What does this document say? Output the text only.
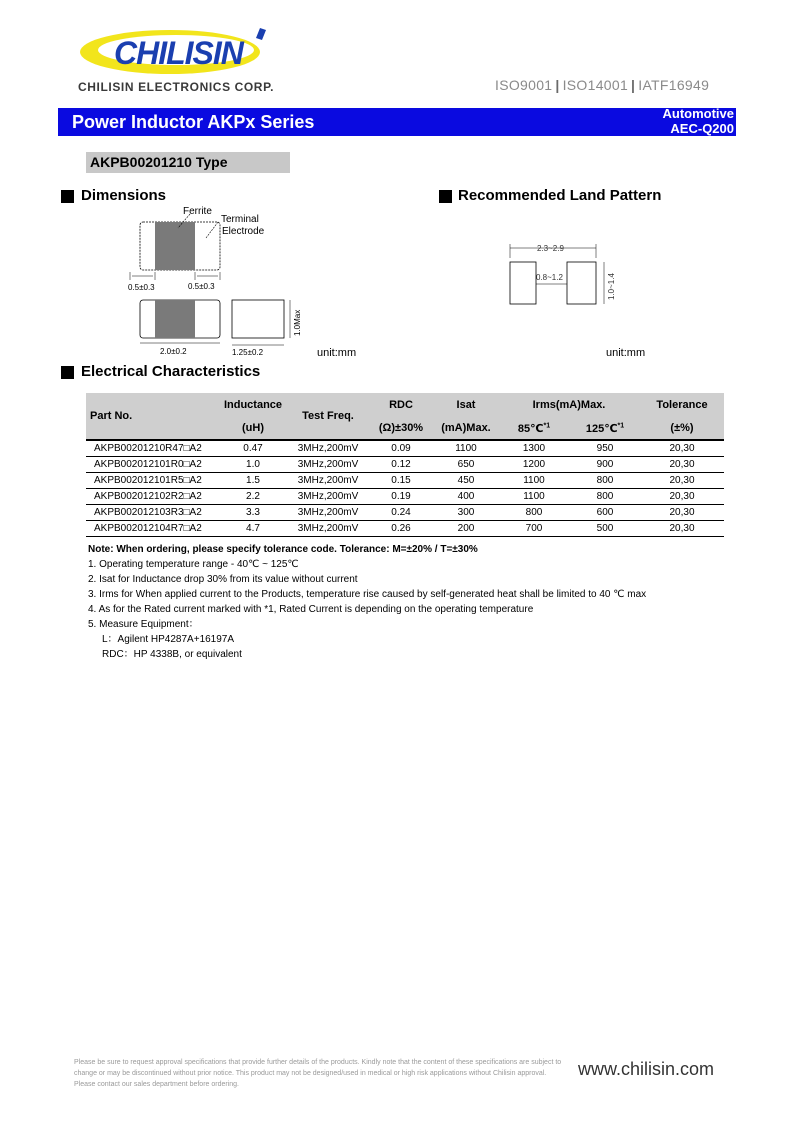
CHILISIN
CHILISIN ELECTRONICS CORP.	ISO9001 | ISO14001 | IATF16949
Power Inductor AKPx Series	Automotive
AEC-Q200
AKPB00201210 Type
Dimensions	Recommended Land Pattern
Ferrite
Terminal
Electrode
0.5±0.3	0.5±0.3
2.0±0.2	1.25±0.2
1.0Max
unit:mm
2.3~2.9
0.8~1.2	1.0~1.4
unit:mm
Electrical Characteristics
Part No.	Inductance	Test Freq.	RDC	Isat	Irms(mA)Max.		Tolerance
	(uH)		(Ω)±30%	(mA)Max.	85℃$^{*1}$	125℃$^{*1}$	(±%)
AKPB00201210R47□A2	0.47	3MHz,200mV	0.09	1100	1300	950	20,30
AKPB002012101R0□A2	1.0	3MHz,200mV	0.12	650	1200	900	20,30
AKPB002012101R5□A2	1.5	3MHz,200mV	0.15	450	1100	800	20,30
AKPB002012102R2□A2	2.2	3MHz,200mV	0.19	400	1100	800	20,30
AKPB002012103R3□A2	3.3	3MHz,200mV	0.24	300	800	600	20,30
AKPB002012104R7□A2	4.7	3MHz,200mV	0.26	200	700	500	20,30
Note: When ordering, please specify tolerance code. Tolerance: M=±20% / T=±30%
1. Operating temperature range - 40℃ ~ 125℃
2. Isat for Inductance drop 30% from its value without current
3. Irms for When applied current to the Products, temperature rise caused by self-generated heat shall be limited to 40 ℃ max
4. As for the Rated current marked with *1, Rated Current is depending on the operating temperature
5. Measure Equipment：
L：Agilent HP4287A+16197A
RDC：HP 4338B, or equivalent
Please be sure to request approval specifications that provide further details of the products. Kindly note that the content of these specifications are subject to change or may be discontinued without prior notice. This product may not be designed/used in medical or high risk applications without Chilisin approval. Please contact our sales department before ordering.
www.chilisin.com
